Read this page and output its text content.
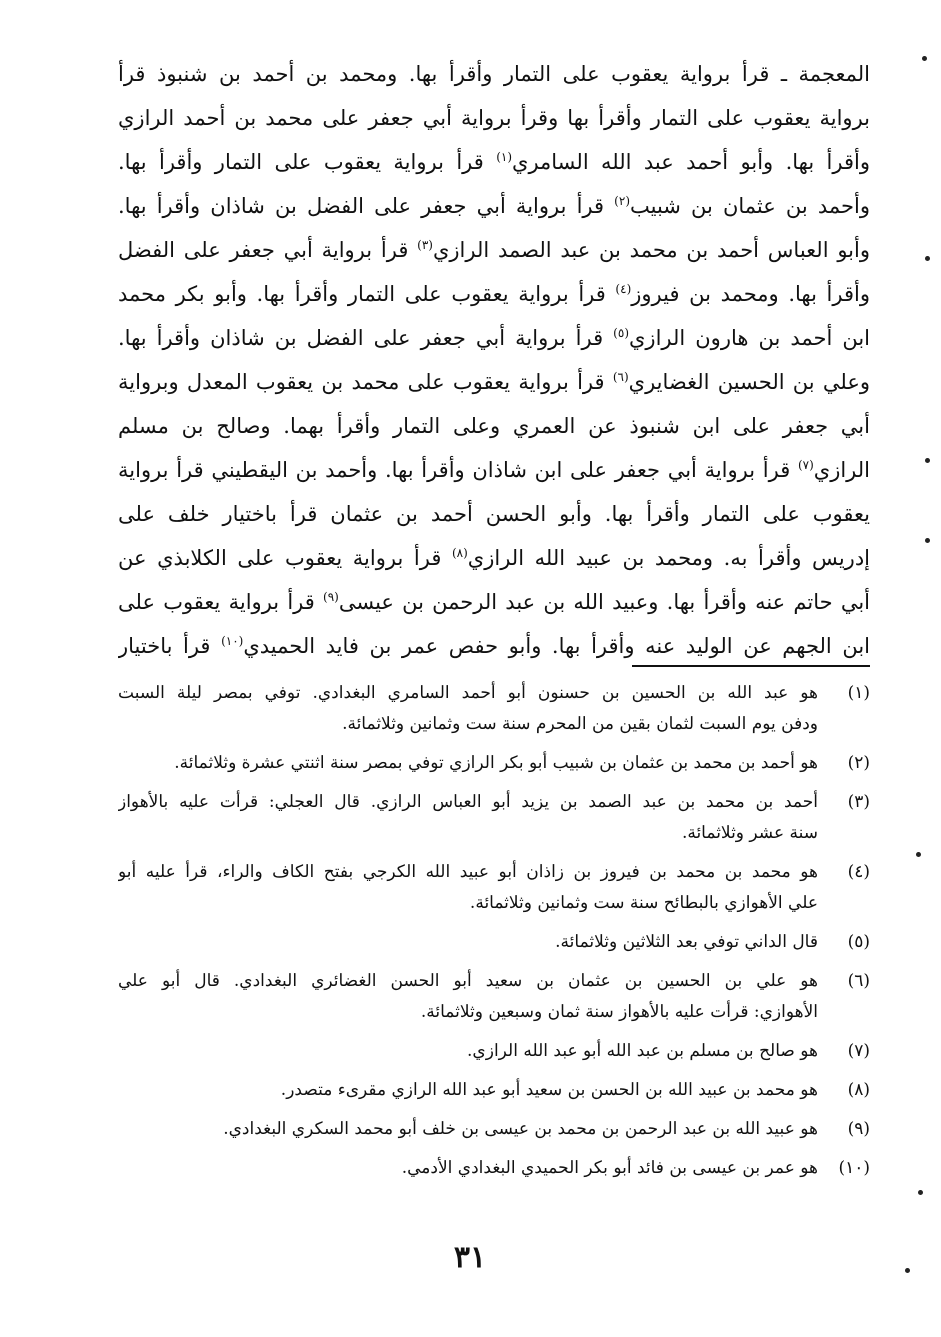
المعجمة ـ قرأ برواية يعقوب على التمار وأقرأ بها. ومحمد بن أحمد بن شنبوذ قرأ
برواية يعقوب على التمار وأقرأ بها وقرأ برواية أبي جعفر على محمد بن أحمد الرازي
وأقرأ بها. وأبو أحمد عبد الله السامري$^{(١)}$ قرأ برواية يعقوب على التمار وأقرأ بها.
وأحمد بن عثمان بن شبيب$^{(٢)}$ قرأ برواية أبي جعفر على الفضل بن شاذان وأقرأ بها.
وأبو العباس أحمد بن محمد بن عبد الصمد الرازي$^{(٣)}$ قرأ برواية أبي جعفر على الفضل
وأقرأ بها. ومحمد بن فيروز$^{(٤)}$ قرأ برواية يعقوب على التمار وأقرأ بها. وأبو بكر محمد
ابن أحمد بن هارون الرازي$^{(٥)}$ قرأ برواية أبي جعفر على الفضل بن شاذان وأقرأ بها.
وعلي بن الحسين الغضايري$^{(٦)}$ قرأ برواية يعقوب على محمد بن يعقوب المعدل وبرواية
أبي جعفر على ابن شنبوذ عن العمري وعلى التمار وأقرأ بهما. وصالح بن مسلم
الرازي$^{(٧)}$ قرأ برواية أبي جعفر على ابن شاذان وأقرأ بها. وأحمد بن اليقطيني قرأ برواية
يعقوب على التمار وأقرأ بها. وأبو الحسن أحمد بن عثمان قرأ باختيار خلف على
إدريس وأقرأ به. ومحمد بن عبيد الله الرازي$^{(٨)}$ قرأ برواية يعقوب على الكلابذي عن
أبي حاتم عنه وأقرأ بها. وعبيد الله بن عبد الرحمن بن عيسى$^{(٩)}$ قرأ برواية يعقوب على
ابن الجهم عن الوليد عنه وأقرأ بها. وأبو حفص عمر بن فايد الحميدي$^{(١٠)}$ قرأ باختيار
(١)
هو عبد الله بن الحسين بن حسنون أبو أحمد السامري البغدادي. توفي بمصر ليلة السبت
ودفن يوم السبت لثمان بقين من المحرم سنة ست وثمانين وثلاثمائة.
(٢)
هو أحمد بن محمد بن عثمان بن شبيب أبو بكر الرازي توفي بمصر سنة اثنتي عشرة وثلاثمائة.
(٣)
أحمد بن محمد بن عبد الصمد بن يزيد أبو العباس الرازي. قال العجلي: قرأت عليه بالأهواز
سنة عشر وثلاثمائة.
(٤)
هو محمد بن محمد بن فيروز بن زاذان أبو عبيد الله الكرجي بفتح الكاف والراء، قرأ عليه أبو
علي الأهوازي بالبطائح سنة ست وثمانين وثلاثمائة.
(٥)
قال الداني توفي بعد الثلاثين وثلاثمائة.
(٦)
هو علي بن الحسين بن عثمان بن سعيد أبو الحسن الغضائري البغدادي. قال أبو علي
الأهوازي: قرأت عليه بالأهواز سنة ثمان وسبعين وثلاثمائة.
(٧)
هو صالح بن مسلم بن عبد الله أبو عبد الله الرازي.
(٨)
هو محمد بن عبيد الله بن الحسن بن سعيد أبو عبد الله الرازي مقرىء متصدر.
(٩)
هو عبيد الله بن عبد الرحمن بن محمد بن عيسى بن خلف أبو محمد السكري البغدادي.
(١٠)
هو عمر بن عيسى بن فائد أبو بكر الحميدي البغدادي الأدمي.
٣١
